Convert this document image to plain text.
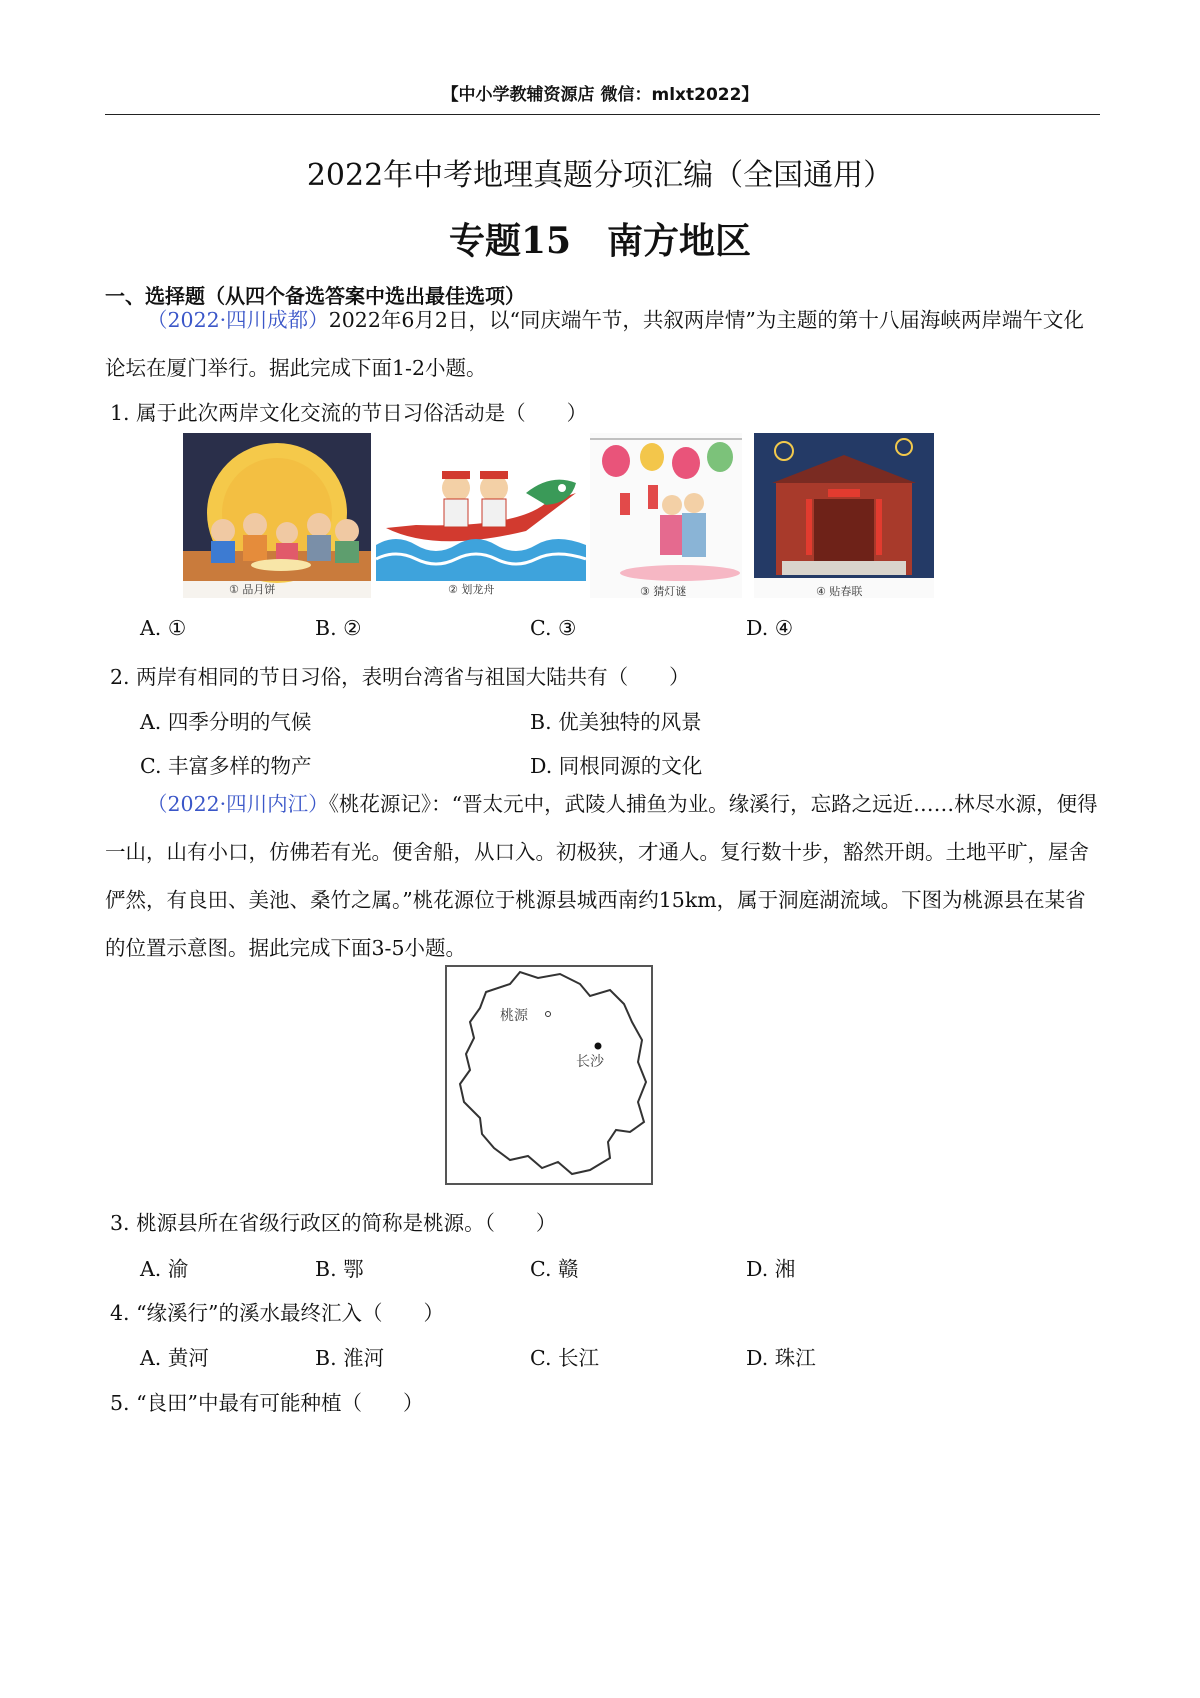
【中小学教辅资源店 微信：mlxt2022】
2022年中考地理真题分项汇编（全国通用）
专题15　南方地区
一、选择题（从四个备选答案中选出最佳选项）
（2022·四川成都）2022年6月2日，以“同庆端午节，共叙两岸情”为主题的第十八届海峡两岸端午文化论坛在厦门举行。据此完成下面1-2小题。
1. 属于此次两岸文化交流的节日习俗活动是（　　）
① 品月饼	② 划龙舟	③ 猜灯谜	④ 贴春联
A. ①	B. ②	C. ③	D. ④
2. 两岸有相同的节日习俗，表明台湾省与祖国大陆共有（　　）
A. 四季分明的气候	B. 优美独特的风景
C. 丰富多样的物产	D. 同根同源的文化
（2022·四川内江）《桃花源记》：“晋太元中，武陵人捕鱼为业。缘溪行，忘路之远近……林尽水源，便得一山，山有小口，仿佛若有光。便舍船，从口入。初极狭，才通人。复行数十步，豁然开朗。土地平旷，屋舍俨然，有良田、美池、桑竹之属。”桃花源位于桃源县城西南约15km，属于洞庭湖流域。下图为桃源县在某省的位置示意图。据此完成下面3-5小题。
桃源
长沙
3. 桃源县所在省级行政区的简称是桃源。（　　）
A. 渝	B. 鄂	C. 赣	D. 湘
4. “缘溪行”的溪水最终汇入（　　）
A. 黄河	B. 淮河	C. 长江	D. 珠江
5. “良田”中最有可能种植（　　）
